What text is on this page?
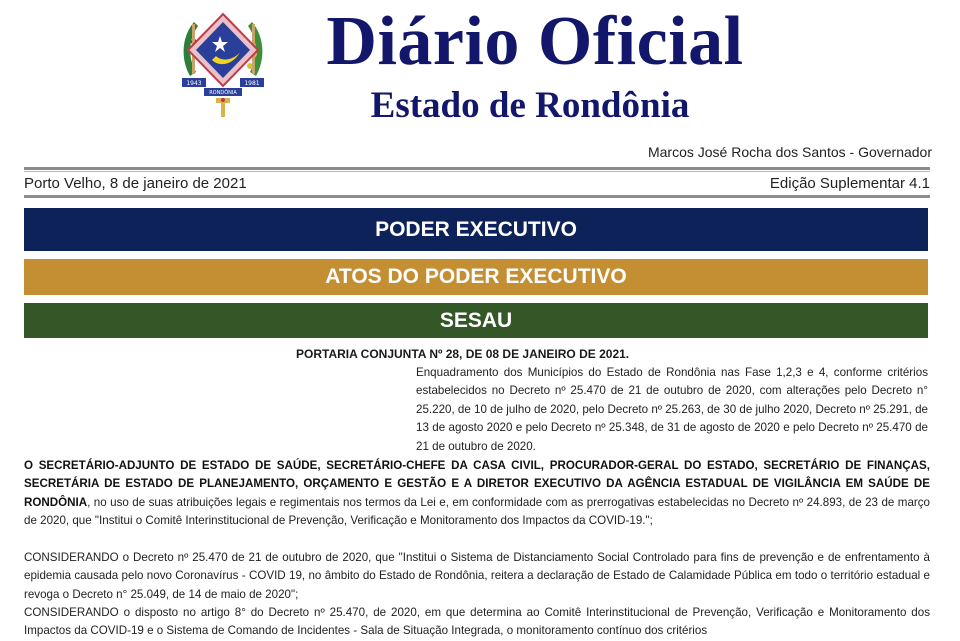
1943	1981
RONDÔNIA
Diário Oficial
Estado de Rondônia
Marcos José Rocha dos Santos - Governador
Porto Velho, 8 de janeiro de 2021	Edição Suplementar 4.1
PODER EXECUTIVO
ATOS DO PODER EXECUTIVO
SESAU
PORTARIA CONJUNTA Nº 28, DE 08 DE JANEIRO DE 2021.
Enquadramento dos Municípios do Estado de Rondônia nas Fase 1,2,3 e 4, conforme critérios estabelecidos no Decreto nº 25.470 de 21 de outubro de 2020, com alterações pelo Decreto n° 25.220, de 10 de julho de 2020, pelo Decreto nº 25.263, de 30 de julho 2020, Decreto nº 25.291, de 13 de agosto 2020 e pelo Decreto nº 25.348, de 31 de agosto de 2020 e pelo Decreto nº 25.470 de 21 de outubro de 2020.
O SECRETÁRIO-ADJUNTO DE ESTADO DE SAÚDE, SECRETÁRIO-CHEFE DA CASA CIVIL, PROCURADOR-GERAL DO ESTADO, SECRETÁRIO DE FINANÇAS, SECRETÁRIA DE ESTADO DE PLANEJAMENTO, ORÇAMENTO E GESTÃO E A DIRETOR EXECUTIVO DA AGÊNCIA ESTADUAL DE VIGILÂNCIA EM SAÚDE DE RONDÔNIA, no uso de suas atribuições legais e regimentais nos termos da Lei e, em conformidade com as prerrogativas estabelecidas no Decreto nº 24.893, de 23 de março de 2020, que "Institui o Comitê Interinstitucional de Prevenção, Verificação e Monitoramento dos Impactos da COVID-19.";
CONSIDERANDO o Decreto nº 25.470 de 21 de outubro de 2020, que "Institui o Sistema de Distanciamento Social Controlado para fins de prevenção e de enfrentamento à epidemia causada pelo novo Coronavírus - COVID 19, no âmbito do Estado de Rondônia, reitera a declaração de Estado de Calamidade Pública em todo o território estadual e revoga o Decreto n° 25.049, de 14 de maio de 2020";
CONSIDERANDO o disposto no artigo 8° do Decreto nº 25.470, de 2020, em que determina ao Comitê Interinstitucional de Prevenção, Verificação e Monitoramento dos Impactos da COVID-19 e o Sistema de Comando de Incidentes - Sala de Situação Integrada, o monitoramento contínuo dos critérios
